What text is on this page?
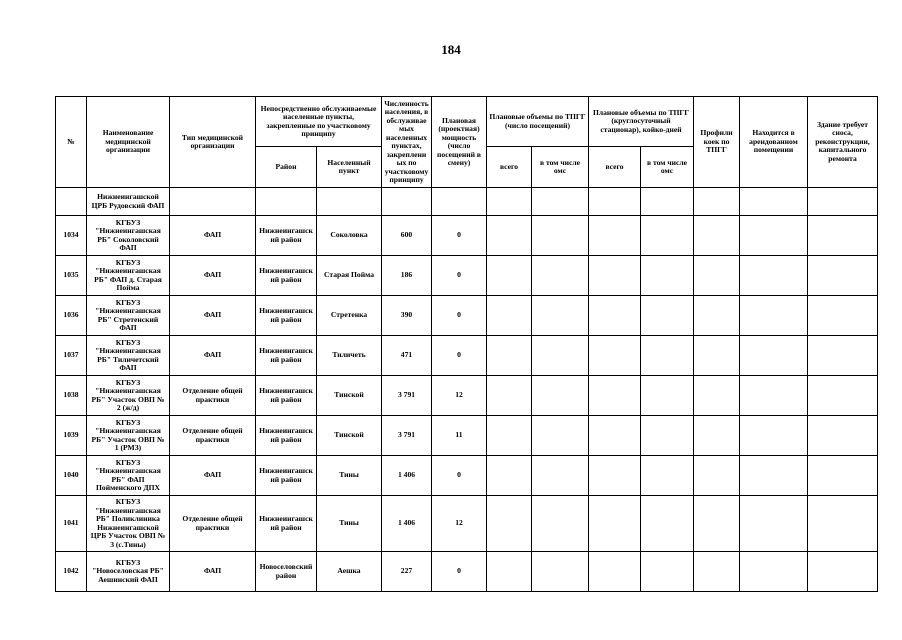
184
№	Наименование медицинской организации	Тип медицинской организации	Непосредственно обслуживаемые населенные пункты, закрепленные по участковому принципу		Численность населения, в обслуживаемых населенных пунктах, закрепленных по участковому принципу	Плановая (проектная) мощность (число посещений в смену)	Плановые объемы по ТПГГ (число посещений)		Плановые объемы по ТПГГ (круглосуточный стационар), койко-дней		Профили коек по ТПГГ	Находится в арендованном помещении	Здание требует сноса, реконструкции, капитального ремонта
			Район	Населенный пункт			всего	в том числе омс	всего	в том числе омс			
	Нижнеингашской ЦРБ Рудовский ФАП												
1034	КГБУЗ "Нижнеингашская РБ" Соколовский ФАП	ФАП	Нижнеингашский район	Соколовка	600	0							
1035	КГБУЗ "Нижнеингашская РБ" ФАП д. Старая Пойма	ФАП	Нижнеингашский район	Старая Пойма	186	0							
1036	КГБУЗ "Нижнеингашская РБ" Стретенский ФАП	ФАП	Нижнеингашский район	Стретенка	390	0							
1037	КГБУЗ "Нижнеингашская РБ" Тиличетский ФАП	ФАП	Нижнеингашский район	Тиличеть	471	0							
1038	КГБУЗ "Нижнеингашская РБ" Участок ОВП № 2 (ж/д)	Отделение общей практики	Нижнеингашский район	Тинской	3 791	12							
1039	КГБУЗ "Нижнеингашская РБ" Участок ОВП № 1 (РМЗ)	Отделение общей практики	Нижнеингашский район	Тинской	3 791	11							
1040	КГБУЗ "Нижнеингашская РБ" ФАП Пойменского ДПХ	ФАП	Нижнеингашский район	Тины	1 406	0							
1041	КГБУЗ "Нижнеингашская РБ" Поликлиника Нижнеингашской ЦРБ Участок ОВП № 3 (с.Тины)	Отделение общей практики	Нижнеингашский район	Тины	1 406	12							
1042	КГБУЗ "Новоселовская РБ" Аешинский ФАП	ФАП	Новоселовский район	Аешка	227	0							
